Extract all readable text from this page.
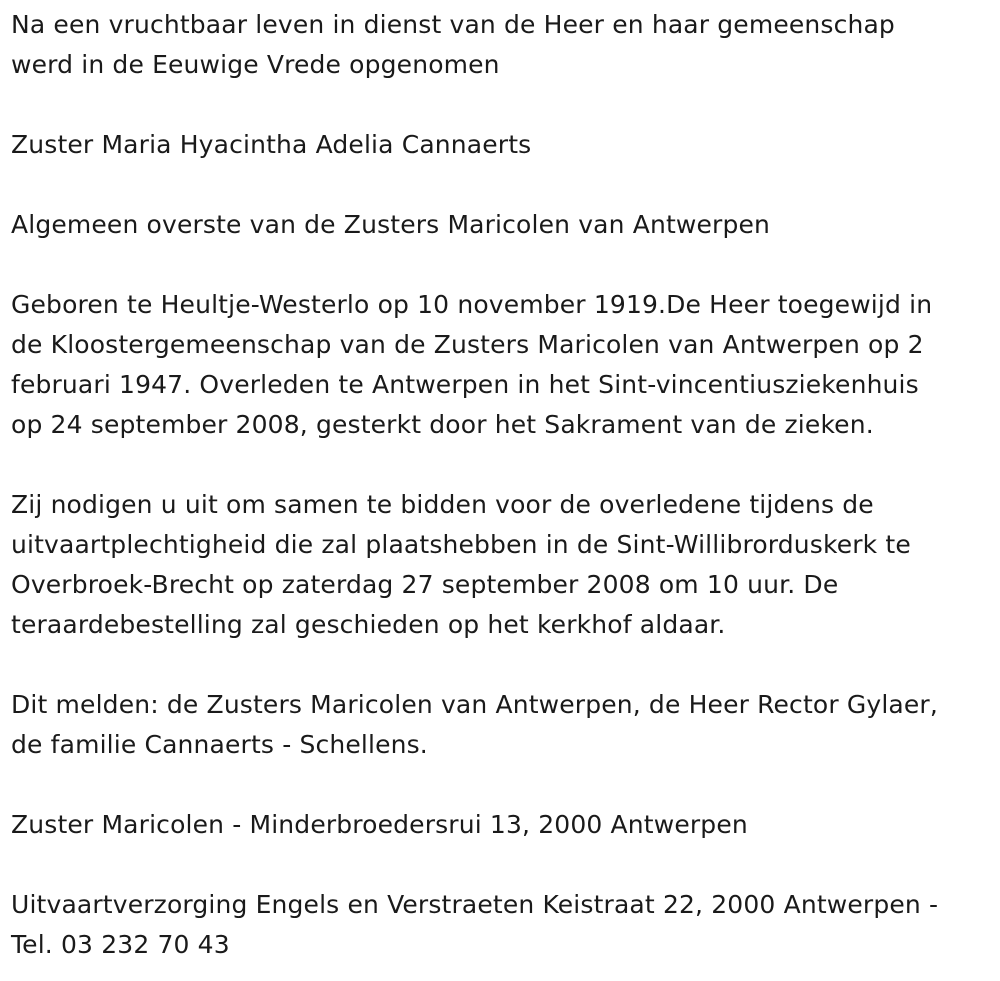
Na een vruchtbaar leven in dienst van de Heer en haar gemeenschap
werd in de Eeuwige Vrede opgenomen

Zuster Maria Hyacintha Adelia Cannaerts

Algemeen overste van de Zusters Maricolen van Antwerpen

Geboren te Heultje-Westerlo op 10 november 1919.De Heer toegewijd in
de Kloostergemeenschap van de Zusters Maricolen van Antwerpen op 2
februari 1947. Overleden te Antwerpen in het Sint-vincentiusziekenhuis
op 24 september 2008, gesterkt door het Sakrament van de zieken.

Zij nodigen u uit om samen te bidden voor de overledene tijdens de
uitvaartplechtigheid die zal plaatshebben in de Sint-Willibrorduskerk te
Overbroek-Brecht op zaterdag 27 september 2008 om 10 uur. De
teraardebestelling zal geschieden op het kerkhof aldaar.

Dit melden: de Zusters Maricolen van Antwerpen, de Heer Rector Gylaer,
de familie Cannaerts - Schellens.

Zuster Maricolen - Minderbroedersrui 13, 2000 Antwerpen

Uitvaartverzorging Engels en Verstraeten Keistraat 22, 2000 Antwerpen -
Tel. 03 232 70 43
